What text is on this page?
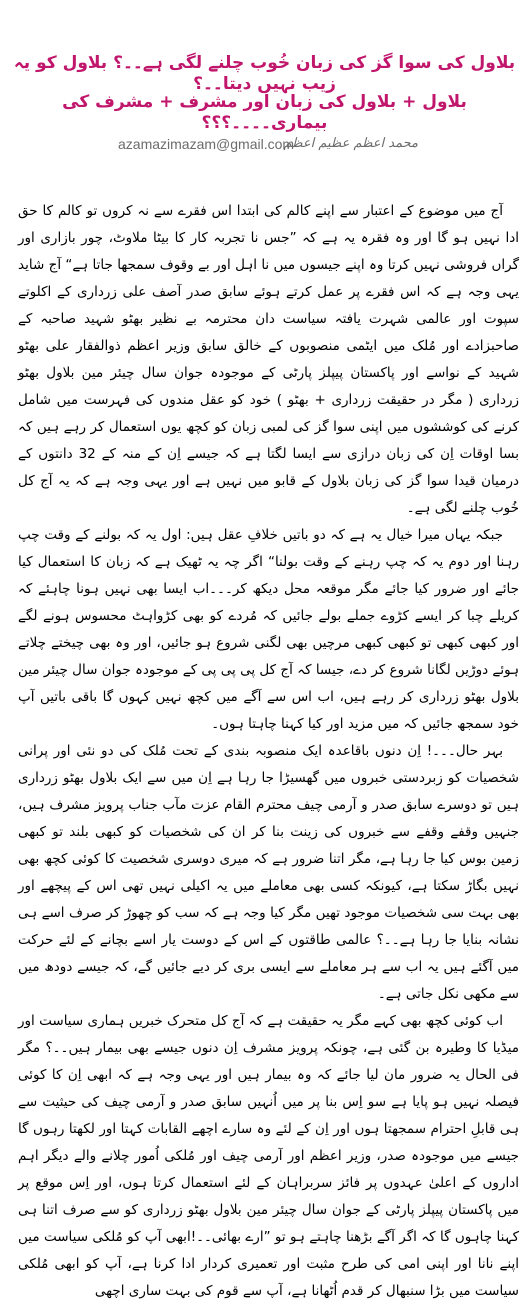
بلاول کی سوا گز کی زبان خُوب چلنے لگی ہے۔۔؟ بلاول کو یہ زیب نہیں دیتا۔۔؟
بلاول + بلاول کی زبان اور مشرف + مشرف کی بیماری۔۔۔۔؟؟؟
azamazimazam@gmail.com
محمد اعظم عظیم اعظم

آج میں موضوع کے اعتبار سے اپنے کالم کی ابتدا اس فقرے سے نہ کروں تو کالم کا حق ادا نہیں ہو گا اور وہ فقرہ یہ ہے کہ ”جس نا تجربہ کار کا بیٹا ملاوٹ، چور بازاری اور گراں فروشی نہیں کرتا وہ اپنے جیسوں میں نا اہل اور بے وقوف سمجھا جاتا ہے“ آج شاید یہی وجہ ہے کہ اس فقرے پر عمل کرتے ہوئے سابق صدر آصف علی زرداری کے اکلوتے سپوت اور عالمی شہرت یافتہ سیاست دان محترمہ بے نظیر بھٹو شہید صاحبہ کے صاحبزادے اور مُلک میں ایٹمی منصوبوں کے خالق سابق وزیر اعظم ذوالفقار علی بھٹو شہید کے نواسے اور پاکستان پیپلز پارٹی کے موجودہ جوان سال چیئر مین بلاول بھٹو زرداری ( مگر در حقیقت زرداری + بھٹو ) خود کو عقل مندوں کی فہرست میں شامل کرنے کی کوششوں میں اپنی سوا گز کی لمبی زبان کو کچھ یوں استعمال کر رہے ہیں کہ بسا اوقات اِن کی زبان درازی سے ایسا لگتا ہے کہ جیسے اِن کے منہ کے 32 دانتوں کے درمیان قیدا سوا گز کی زبان بلاول کے قابو میں نہیں ہے اور یہی وجہ ہے کہ یہ آج کل خُوب چلنے لگی ہے۔

جبکہ یہاں میرا خیال یہ ہے کہ دو باتیں خلافِ عقل ہیں: اول یہ کہ بولنے کے وقت چپ رہنا اور دوم یہ کہ چپ رہنے کے وقت بولنا“ اگر چہ یہ ٹھیک ہے کہ زبان کا استعمال کیا جائے اور ضرور کیا جائے مگر موقعہ محل دیکھ کر۔۔۔اب ایسا بھی نہیں ہونا چاہئے کہ کریلے چبا کر ایسے کڑوے جملے بولے جائیں کہ مُردے کو بھی کڑواہٹ محسوس ہونے لگے اور کبھی کبھی تو کبھی کبھی مرچیں بھی لگنی شروع ہو جائیں، اور وہ بھی چیختے چلاتے ہوئے دوڑیں لگانا شروع کر دے، جیسا کہ آج کل پی پی پی کے موجودہ جوان سال چیئر مین بلاول بھٹو زرداری کر رہے ہیں، اب اس سے آگے میں کچھ نہیں کہوں گا باقی باتیں آپ خود سمجھ جائیں کہ میں مزید اور کیا کہنا چاہتا ہوں۔

بہر حال۔۔۔! اِن دنوں باقاعدہ ایک منصوبہ بندی کے تحت مُلک کی دو نئی اور پرانی شخصیات کو زبردستی خبروں میں گھسیڑا جا رہا ہے اِن میں سے ایک بلاول بھٹو زرداری ہیں تو دوسرے سابق صدر و آرمی چیف محترم القام عزت مآب جناب پرویز مشرف ہیں، جنہیں وقفے وقفے سے خبروں کی زینت بنا کر ان کی شخصیات کو کبھی بلند تو کبھی زمین بوس کیا جا رہا ہے، مگر اتنا ضرور ہے کہ میری دوسری شخصیت کا کوئی کچھ بھی نہیں بگاڑ سکتا ہے، کیونکہ کسی بھی معاملے میں یہ اکیلی نہیں تھی اس کے پیچھے اور بھی بہت سی شخصیات موجود تھیں مگر کیا وجہ ہے کہ سب کو چھوڑ کر صرف اسے ہی نشانہ بنایا جا رہا ہے۔۔؟ عالمی طاقتوں کے اس کے دوست یار اسے بچانے کے لئے حرکت میں آگئے ہیں یہ اب سے ہر معاملے سے ایسی بری کر دیے جائیں گے، کہ جیسے دودھ میں سے مکھی نکل جاتی ہے۔

اب کوئی کچھ بھی کہے مگر یہ حقیقت ہے کہ آج کل متحرک خبریں ہماری سیاست اور میڈیا کا وطیرہ بن گئی ہے، چونکہ پرویز مشرف اِن دنوں جیسے بھی بیمار ہیں۔۔؟ مگر فی الحال یہ ضرور مان لیا جائے کہ وہ بیمار ہیں اور یہی وجہ ہے کہ ابھی اِن کا کوئی فیصلہ نہیں ہو پایا ہے سو اِس بنا پر میں اُنہیں سابق صدر و آرمی چیف کی حیثیت سے ہی قابلِ احترام سمجھتا ہوں اور اِن کے لئے وہ سارے اچھے القابات کہتا اور لکھتا رہوں گا جیسے میں موجودہ صدر، وزیر اعظم اور آرمی چیف اور مُلکی اُمور چلانے والے دیگر اہم اداروں کے اعلیٰ عہدوں پر فائز سربراہان کے لئے استعمال کرتا ہوں، اور اِس موقع پر میں پاکستان پیپلز پارٹی کے جوان سال چیئر مین بلاول بھٹو زرداری کو سے صرف اتنا ہی کہنا چاہوں گا کہ اگر آگے بڑھنا چاہتے ہو تو ”ارے بھائی۔۔!ابھی آپ کو مُلکی سیاست میں اپنے نانا اور اپنی امی کی طرح مثبت اور تعمیری کردار ادا کرنا ہے، آپ کو ابھی مُلکی سیاست میں بڑا سنبھال کر قدم اُٹھانا ہے، آپ سے قوم کی بہت ساری اچھی
